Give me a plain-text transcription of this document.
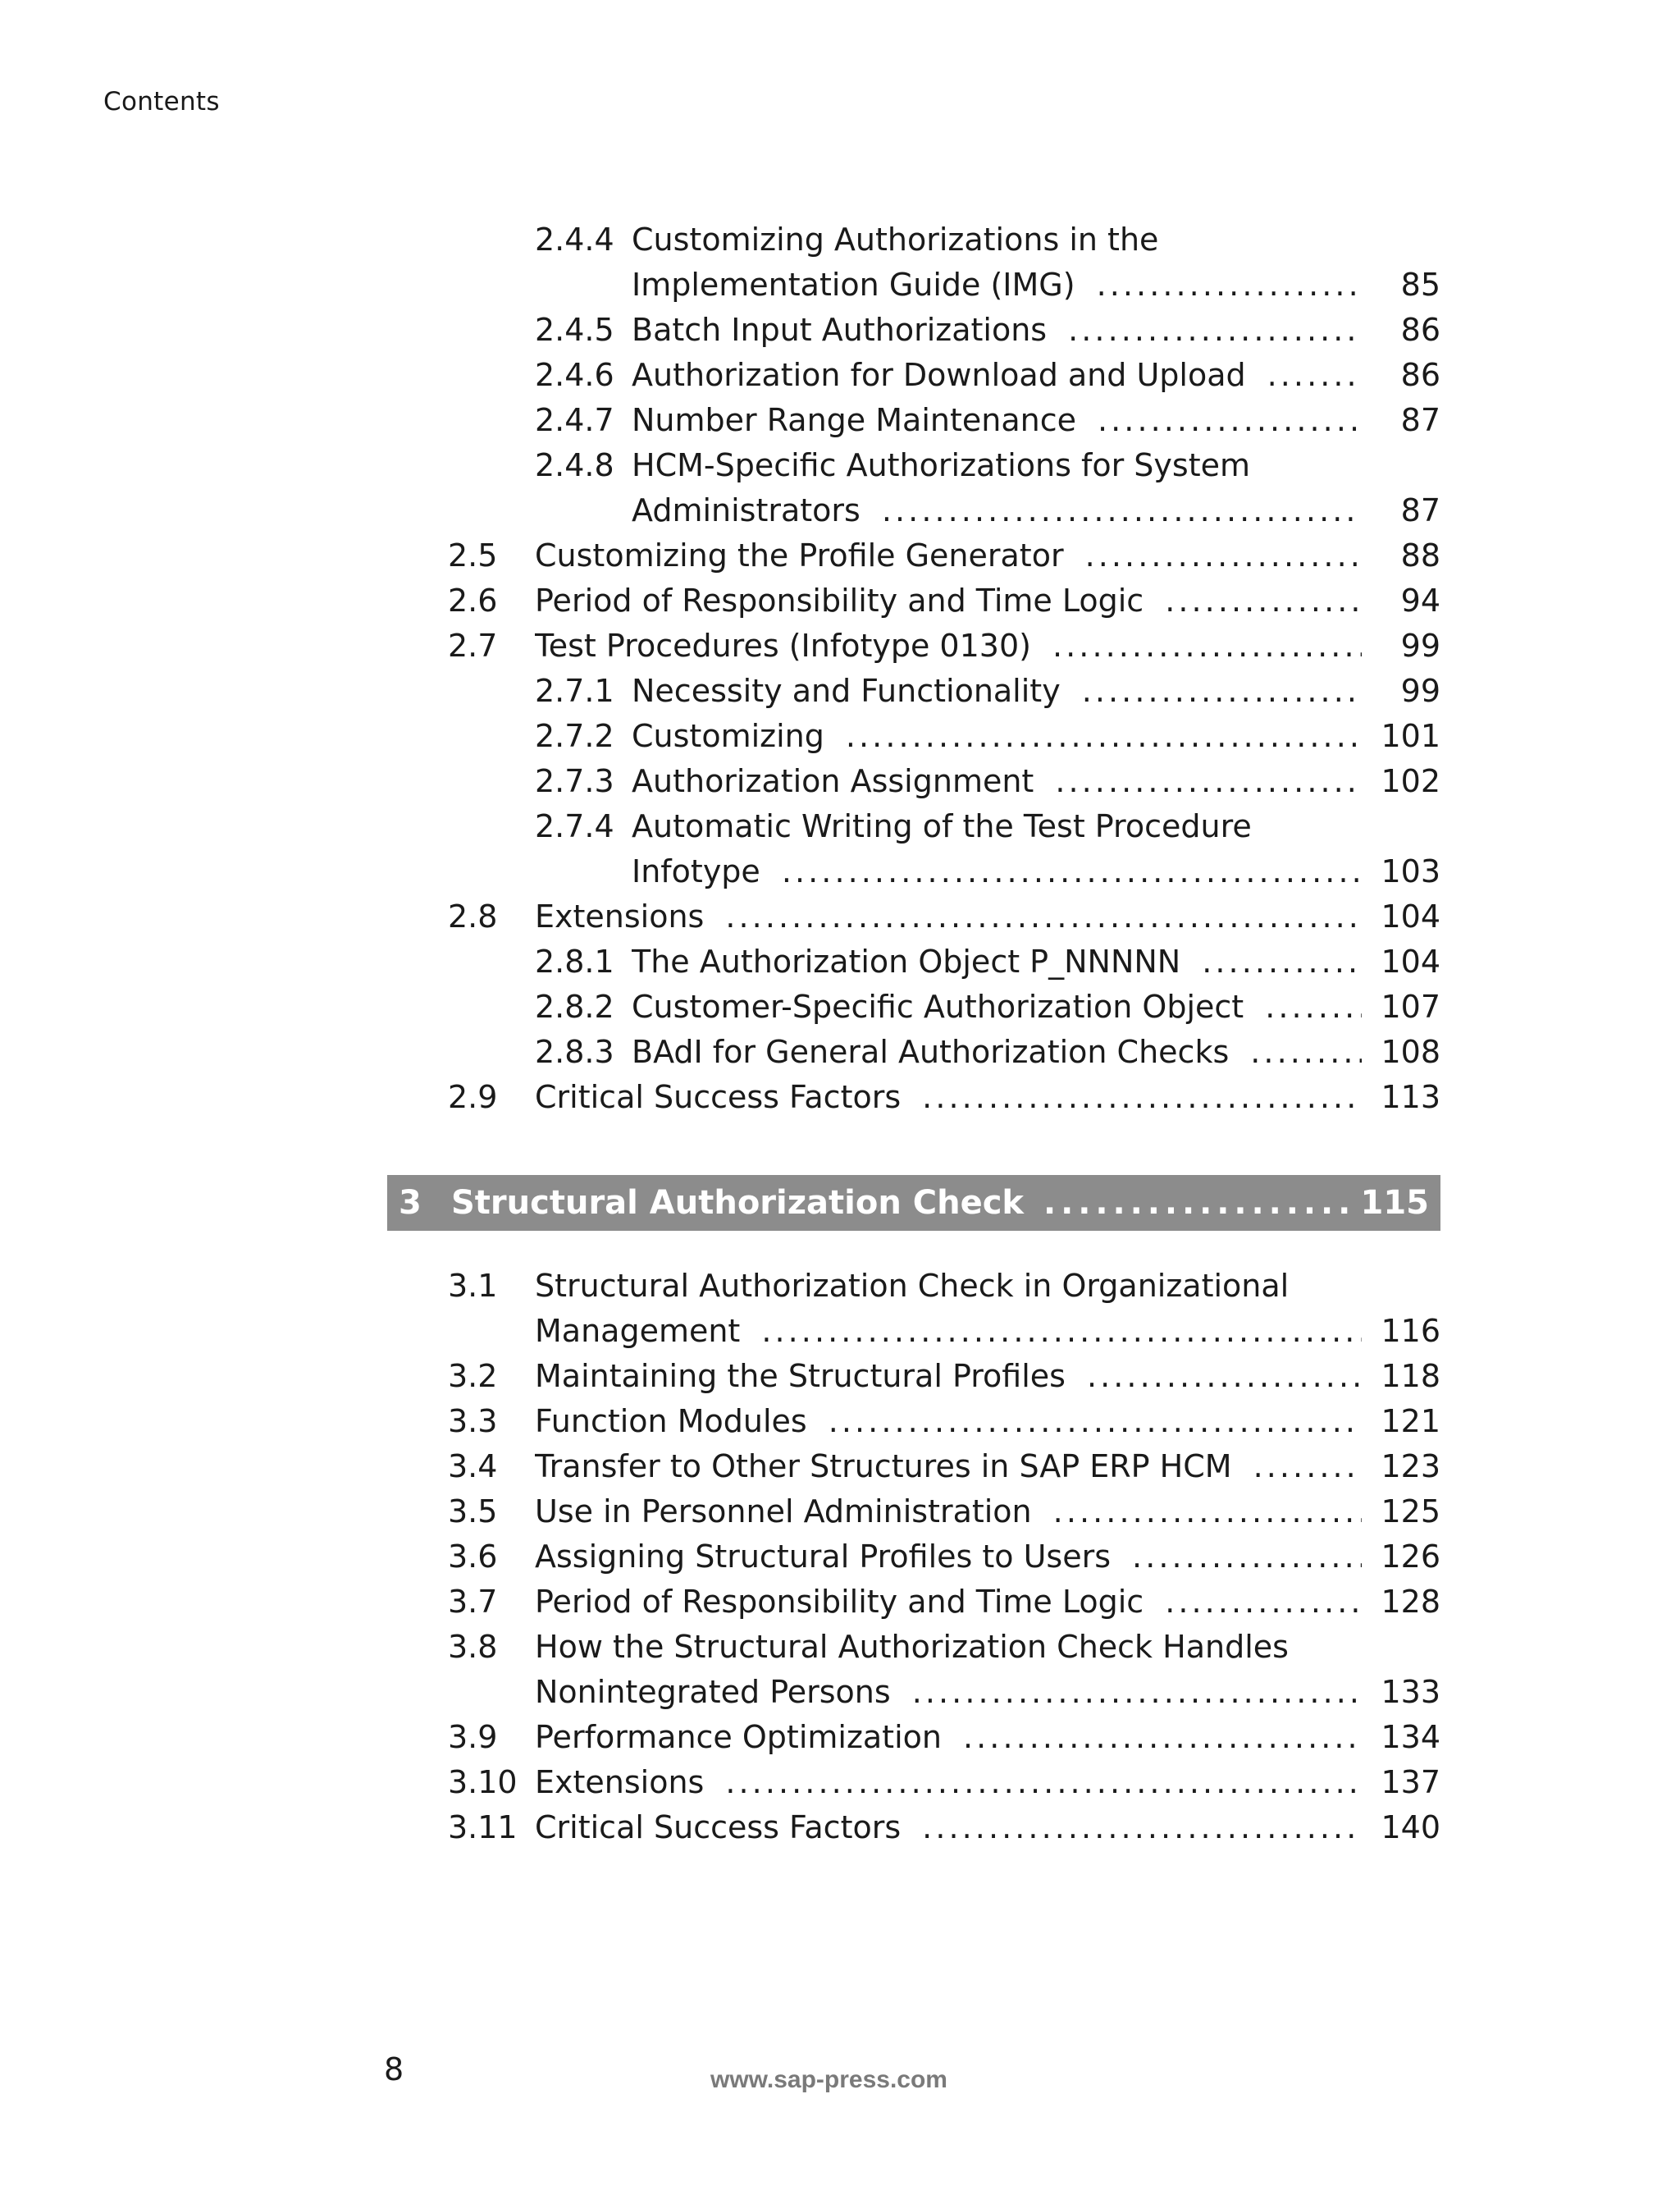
Contents
2.4.4 Customizing Authorizations in the
Implementation Guide (IMG) . . .	85
2.4.5 Batch Input Authorizations . . .	86
2.4.6 Authorization for Download and Upload . . .	86
2.4.7 Number Range Maintenance . . .	87
2.4.8 HCM-Specific Authorizations for System
Administrators . . .	87
2.5 Customizing the Profile Generator . . .	88
2.6 Period of Responsibility and Time Logic . . .	94
2.7 Test Procedures (Infotype 0130) . . .	99
2.7.1 Necessity and Functionality . . .	99
2.7.2 Customizing . . .	101
2.7.3 Authorization Assignment . . .	102
2.7.4 Automatic Writing of the Test Procedure
Infotype . . .	103
2.8 Extensions . . .	104
2.8.1 The Authorization Object P_NNNNN . . .	104
2.8.2 Customer-Specific Authorization Object . . .	107
2.8.3 BAdI for General Authorization Checks . . .	108
2.9 Critical Success Factors . . .	113
3 Structural Authorization Check . . .	115
3.1 Structural Authorization Check in Organizational
Management . . .	116
3.2 Maintaining the Structural Profiles . . .	118
3.3 Function Modules . . .	121
3.4 Transfer to Other Structures in SAP ERP HCM . . .	123
3.5 Use in Personnel Administration . . .	125
3.6 Assigning Structural Profiles to Users . . .	126
3.7 Period of Responsibility and Time Logic . . .	128
3.8 How the Structural Authorization Check Handles
Nonintegrated Persons . . .	133
3.9 Performance Optimization . . .	134
3.10 Extensions . . .	137
3.11 Critical Success Factors . . .	140
8	www.sap-press.com
